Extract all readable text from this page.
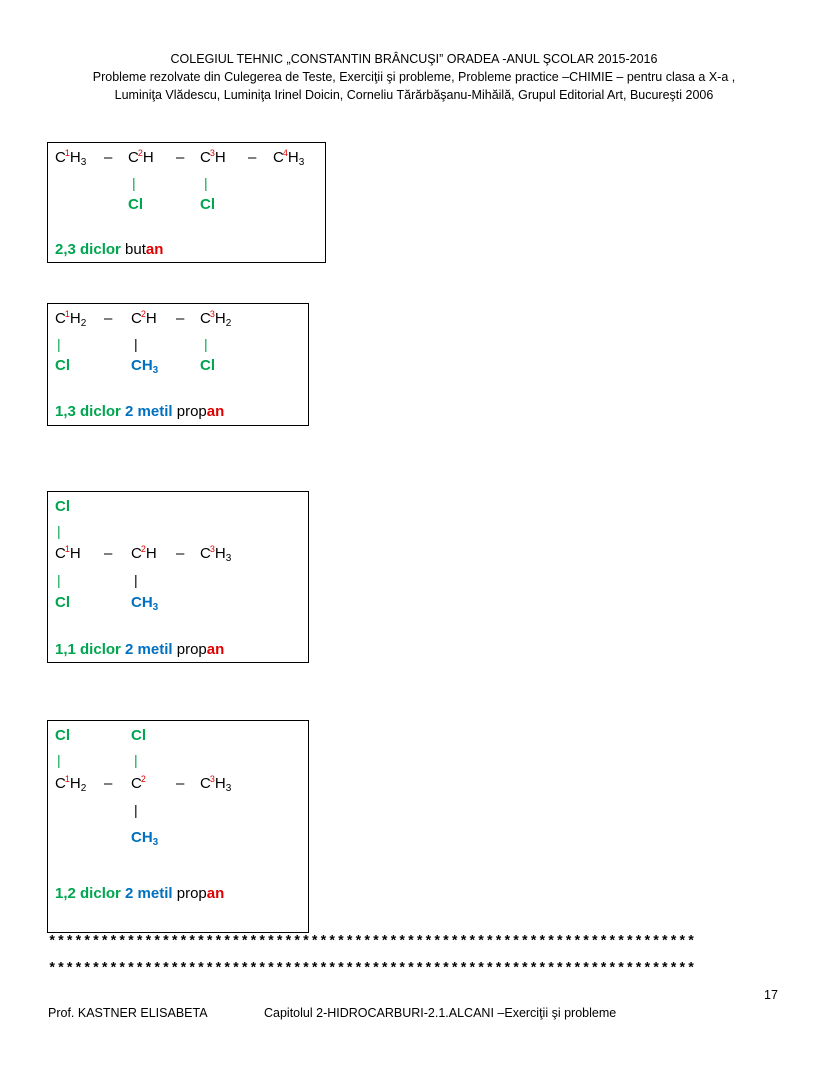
COLEGIUL TEHNIC „CONSTANTIN BRÂNCUŞI” ORADEA -ANUL ŞCOLAR 2015-2016
Probleme rezolvate din Culegerea de Teste, Exerciţii şi probleme, Probleme practice –CHIMIE – pentru clasa a X-a ,
Luminiţa Vlădescu, Luminiţa Irinel Doicin, Corneliu Tărărbăşanu-Mihăilă, Grupul Editorial Art, Bucureşti 2006
$C^1H_3 - C^2H - C^3H - C^4H_3$
|	|
Cl	Cl
2,3 diclor butan
$C^1H_2 - C^2H - C^3H_2$
|	|	|
Cl	$CH_3$	Cl
1,3 diclor 2 metil propan
Cl
|
$C^1H - C^2H - C^3H_3$
|	|
Cl	$CH_3$
1,1 diclor 2 metil propan
Cl	Cl
|	|
$C^1H_2 - C^2 - C^3H_3$
|
$CH_3$
1,2 diclor 2 metil propan
**************************************************************************
**************************************************************************
17
Prof. KASTNER ELISABETA	Capitolul 2-HIDROCARBURI-2.1.ALCANI –Exerciţii şi probleme
